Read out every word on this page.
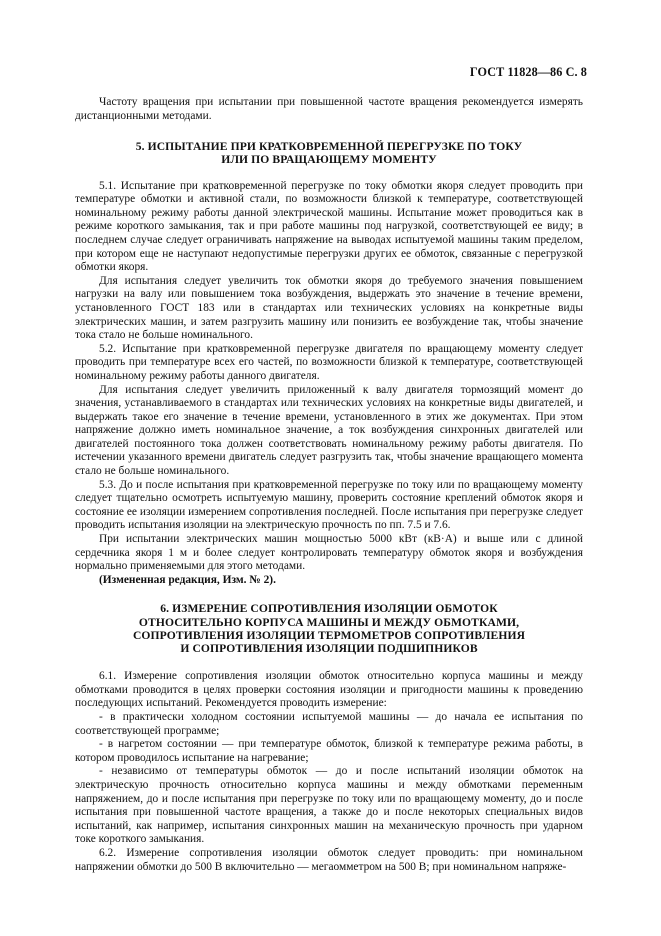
ГОСТ 11828—86 С. 8

Частоту вращения при испытании при повышенной частоте вращения рекомендуется измерять дистанционными методами.

5. ИСПЫТАНИЕ ПРИ КРАТКОВРЕМЕННОЙ ПЕРЕГРУЗКЕ ПО ТОКУ
ИЛИ ПО ВРАЩАЮЩЕМУ МОМЕНТУ

5.1. Испытание при кратковременной перегрузке по току обмотки якоря следует проводить при температуре обмотки и активной стали, по возможности близкой к температуре, соответствующей номинальному режиму работы данной электрической машины. Испытание может проводиться как в режиме короткого замыкания, так и при работе машины под нагрузкой, соответствующей ее виду; в последнем случае следует ограничивать напряжение на выводах испытуемой машины таким пределом, при котором еще не наступают недопустимые перегрузки других ее обмоток, связанные с перегрузкой обмотки якоря.

Для испытания следует увеличить ток обмотки якоря до требуемого значения повышением нагрузки на валу или повышением тока возбуждения, выдержать это значение в течение времени, установленного ГОСТ 183 или в стандартах или технических условиях на конкретные виды электрических машин, и затем разгрузить машину или понизить ее возбуждение так, чтобы значение тока стало не больше номинального.

5.2. Испытание при кратковременной перегрузке двигателя по вращающему моменту следует проводить при температуре всех его частей, по возможности близкой к температуре, соответствующей номинальному режиму работы данного двигателя.

Для испытания следует увеличить приложенный к валу двигателя тормозящий момент до значения, устанавливаемого в стандартах или технических условиях на конкретные виды двигателей, и выдержать такое его значение в течение времени, установленного в этих же документах. При этом напряжение должно иметь номинальное значение, а ток возбуждения синхронных двигателей или двигателей постоянного тока должен соответствовать номинальному режиму работы двигателя. По истечении указанного времени двигатель следует разгрузить так, чтобы значение вращающего момента стало не больше номинального.

5.3. До и после испытания при кратковременной перегрузке по току или по вращающему моменту следует тщательно осмотреть испытуемую машину, проверить состояние креплений обмоток якоря и состояние ее изоляции измерением сопротивления последней. После испытания при перегрузке следует проводить испытания изоляции на электрическую прочность по пп. 7.5 и 7.6.

При испытании электрических машин мощностью 5000 кВт (кВ·А) и выше или с длиной сердечника якоря 1 м и более следует контролировать температуру обмоток якоря и возбуждения нормально применяемыми для этого методами.

(Измененная редакция, Изм. № 2).

6. ИЗМЕРЕНИЕ СОПРОТИВЛЕНИЯ ИЗОЛЯЦИИ ОБМОТОК
ОТНОСИТЕЛЬНО КОРПУСА МАШИНЫ И МЕЖДУ ОБМОТКАМИ,
СОПРОТИВЛЕНИЯ ИЗОЛЯЦИИ ТЕРМОМЕТРОВ СОПРОТИВЛЕНИЯ
И СОПРОТИВЛЕНИЯ ИЗОЛЯЦИИ ПОДШИПНИКОВ

6.1. Измерение сопротивления изоляции обмоток относительно корпуса машины и между обмотками проводится в целях проверки состояния изоляции и пригодности машины к проведению последующих испытаний. Рекомендуется проводить измерение:

- в практически холодном состоянии испытуемой машины — до начала ее испытания по соответствующей программе;

- в нагретом состоянии — при температуре обмоток, близкой к температуре режима работы, в котором проводилось испытание на нагревание;

- независимо от температуры обмоток — до и после испытаний изоляции обмоток на электрическую прочность относительно корпуса машины и между обмотками переменным напряжением, до и после испытания при перегрузке по току или по вращающему моменту, до и после испытания при повышенной частоте вращения, а также до и после некоторых специальных видов испытаний, как например, испытания синхронных машин на механическую прочность при ударном токе короткого замыкания.

6.2. Измерение сопротивления изоляции обмоток следует проводить: при номинальном напряжении обмотки до 500 В включительно — мегаомметром на 500 В; при номинальном напряже-
